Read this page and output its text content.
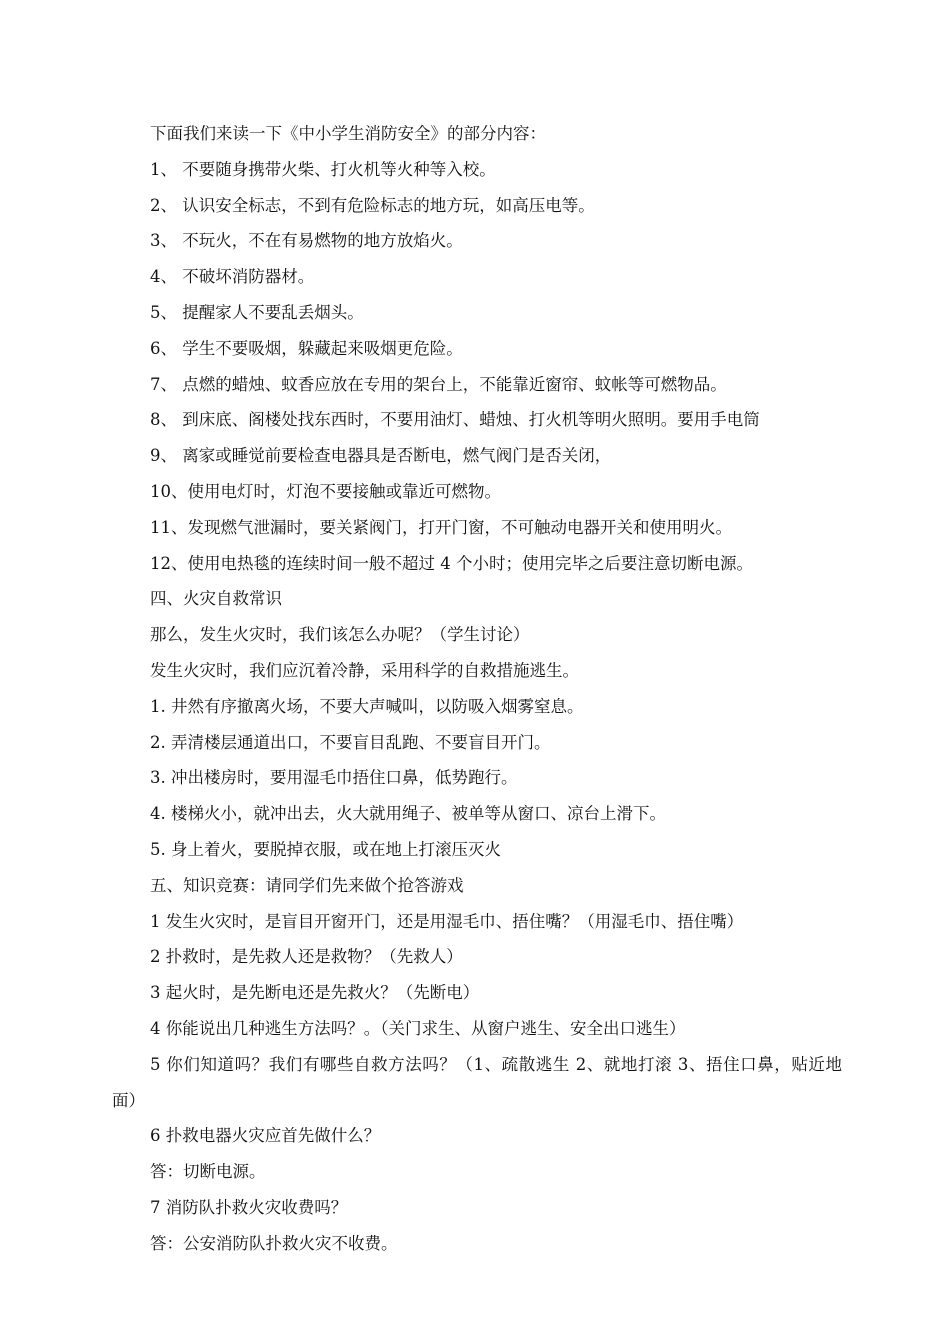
下面我们来读一下《中小学生消防安全》的部分内容：
1、 不要随身携带火柴、打火机等火种等入校。
2、 认识安全标志，不到有危险标志的地方玩，如高压电等。
3、 不玩火，不在有易燃物的地方放焰火。
4、 不破坏消防器材。
5、 提醒家人不要乱丢烟头。
6、 学生不要吸烟，躲藏起来吸烟更危险。
7、 点燃的蜡烛、蚊香应放在专用的架台上，不能靠近窗帘、蚊帐等可燃物品。
8、 到床底、阁楼处找东西时，不要用油灯、蜡烛、打火机等明火照明。要用手电筒
9、 离家或睡觉前要检查电器具是否断电，燃气阀门是否关闭，
10、使用电灯时，灯泡不要接触或靠近可燃物。
11、发现燃气泄漏时，要关紧阀门，打开门窗，不可触动电器开关和使用明火。
12、使用电热毯的连续时间一般不超过 4 个小时；使用完毕之后要注意切断电源。
四、火灾自救常识
那么，发生火灾时，我们该怎么办呢？（学生讨论）
发生火灾时，我们应沉着冷静，采用科学的自救措施逃生。
1. 井然有序撤离火场，不要大声喊叫，以防吸入烟雾窒息。
2. 弄清楼层通道出口，不要盲目乱跑、不要盲目开门。
3. 冲出楼房时，要用湿毛巾捂住口鼻，低势跑行。
4. 楼梯火小，就冲出去，火大就用绳子、被单等从窗口、凉台上滑下。
5. 身上着火，要脱掉衣服，或在地上打滚压灭火
五、知识竞赛：请同学们先来做个抢答游戏
1 发生火灾时，是盲目开窗开门，还是用湿毛巾、捂住嘴？（用湿毛巾、捂住嘴）
2 扑救时，是先救人还是救物？（先救人）
3 起火时，是先断电还是先救火？（先断电）
4 你能说出几种逃生方法吗？。（关门求生、从窗户逃生、安全出口逃生）
5 你们知道吗？我们有哪些自救方法吗？（1、疏散逃生 2、就地打滚 3、捂住口鼻，贴近地面）
6 扑救电器火灾应首先做什么？
答：切断电源。
7 消防队扑救火灾收费吗？
答：公安消防队扑救火灾不收费。
